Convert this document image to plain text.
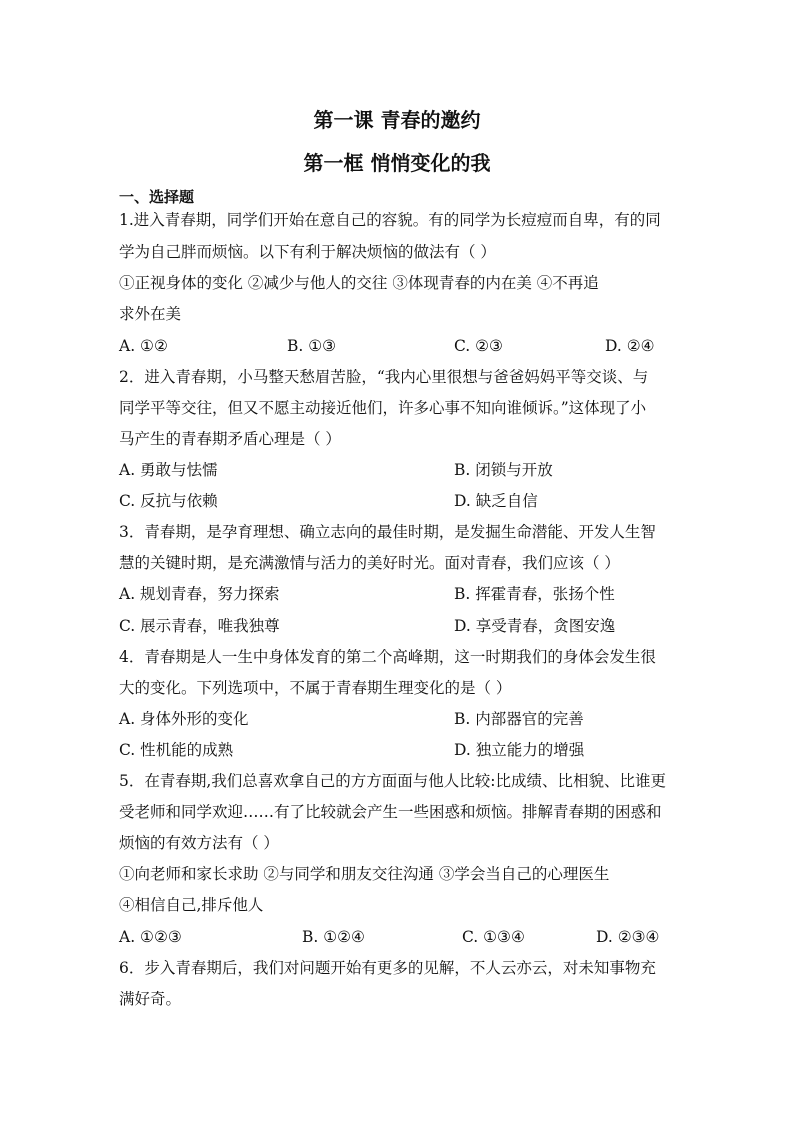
第一课 青春的邀约
第一框 悄悄变化的我
一、选择题
1.进入青春期，同学们开始在意自己的容貌。有的同学为长痘痘而自卑，有的同
学为自己胖而烦恼。以下有利于解决烦恼的做法有（ ）
①正视身体的变化 ②减少与他人的交往 ③体现青春的内在美 ④不再追
求外在美
A. ①②	B. ①③	C. ②③	D. ②④
2．进入青春期，小马整天愁眉苦脸，“我内心里很想与爸爸妈妈平等交谈、与
同学平等交往，但又不愿主动接近他们，许多心事不知向谁倾诉。”这体现了小
马产生的青春期矛盾心理是（ ）
A. 勇敢与怯懦	B. 闭锁与开放
C. 反抗与依赖	D. 缺乏自信
3．青春期，是孕育理想、确立志向的最佳时期，是发掘生命潜能、开发人生智
慧的关键时期，是充满激情与活力的美好时光。面对青春，我们应该（ ）
A. 规划青春，努力探索	B. 挥霍青春，张扬个性
C. 展示青春，唯我独尊	D. 享受青春，贪图安逸
4．青春期是人一生中身体发育的第二个高峰期，这一时期我们的身体会发生很
大的变化。下列选项中，不属于青春期生理变化的是（ ）
A. 身体外形的变化	B. 内部器官的完善
C. 性机能的成熟	D. 独立能力的增强
5．在青春期,我们总喜欢拿自己的方方面面与他人比较:比成绩、比相貌、比谁更
受老师和同学欢迎……有了比较就会产生一些困惑和烦恼。排解青春期的困惑和
烦恼的有效方法有（ ）
①向老师和家长求助 ②与同学和朋友交往沟通 ③学会当自己的心理医生
④相信自己,排斥他人
A. ①②③	B. ①②④	C. ①③④	D. ②③④
6．步入青春期后，我们对问题开始有更多的见解，不人云亦云，对未知事物充
满好奇。
